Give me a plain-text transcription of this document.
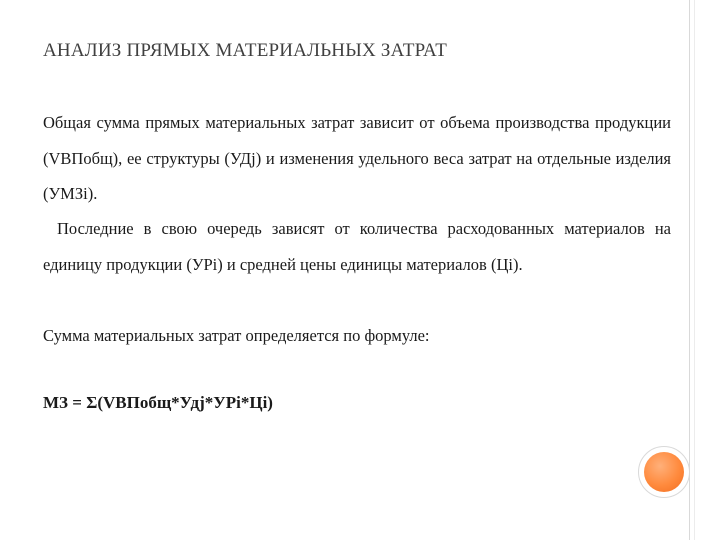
АНАЛИЗ ПРЯМЫХ МАТЕРИАЛЬНЫХ ЗАТРАТ

Общая сумма прямых материальных затрат зависит от объема производства продукции (VBПобщ), ее структуры (УДj) и изменения удельного веса затрат на отдельные изделия (УМЗi).

Последние в свою очередь зависят от количества расходованных материалов на единицу продукции (УРi) и средней цены единицы материалов (Цi).

Сумма материальных затрат определяется по формуле:

МЗ = Σ(VBПобщ*Удj*УРi*Цi)
